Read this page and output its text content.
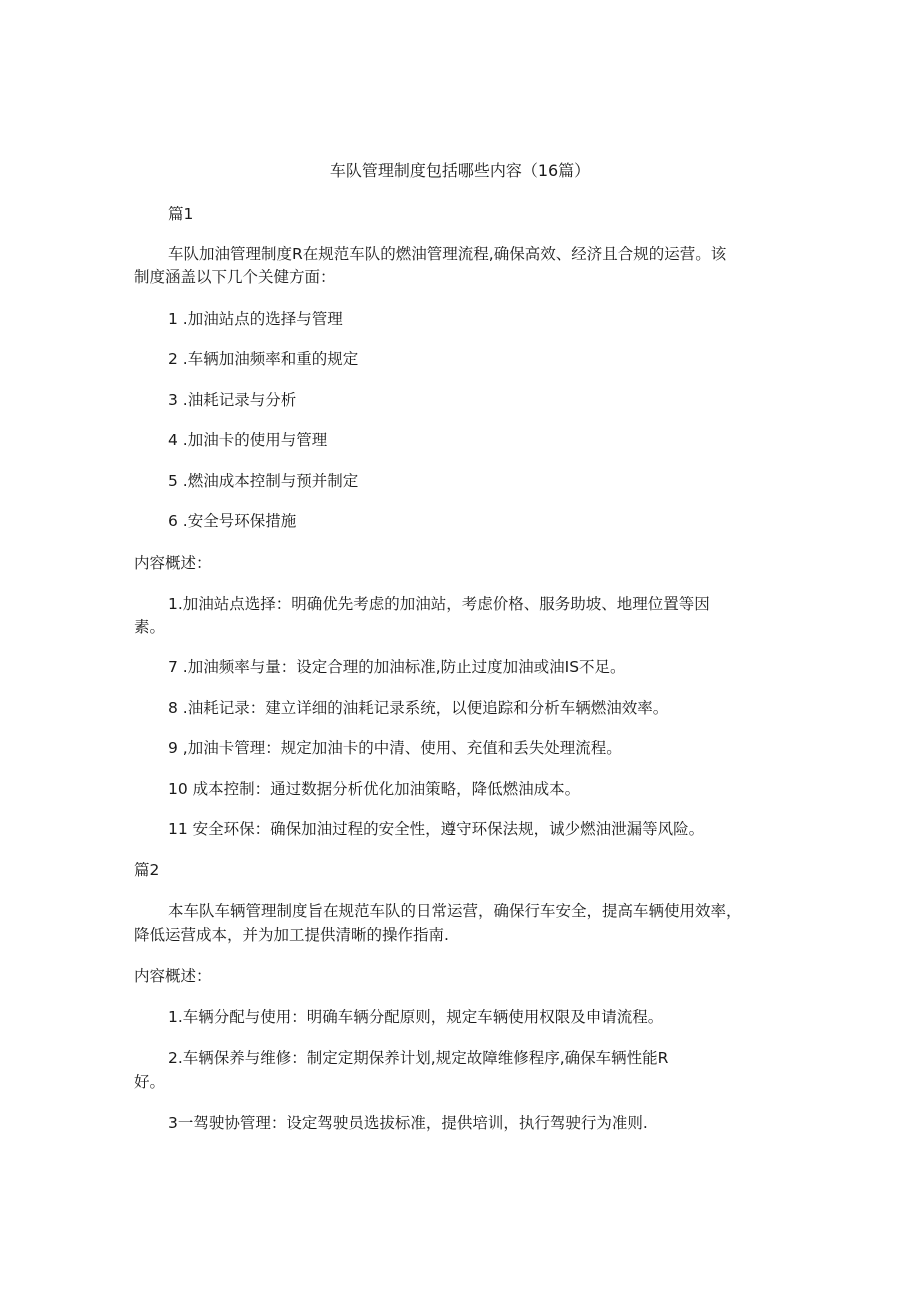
车队管理制度包括哪些内容（16篇）

篇1

车队加油管理制度R在规范车队的燃油管理流程,确保高效、经济且合规的运营。该

制度涵盖以下几个关健方面：

1 .加油站点的选择与管理

2 .车辆加油频率和重的规定

3 .油耗记录与分析

4 .加油卡的使用与管理

5 .燃油成本控制与预并制定

6 .安全号环保措施

内容概述：

1.加油站点选择：明确优先考虑的加油站，考虑价格、服务助坡、地理位置等因

素。

7 .加油频率与量：设定合理的加油标准,防止过度加油或油IS不足。

8 .油耗记录：建立详细的油耗记录系统，以便追踪和分析车辆燃油效率。

9 ,加油卡管理：规定加油卡的中清、使用、充值和丢失处理流程。

10 成本控制：通过数据分析优化加油策略，降低燃油成本。

11 安全环保：确保加油过程的安全性，遵守环保法规，诚少燃油泄漏等风险。

篇2

本车队车辆管理制度旨在规范车队的日常运营，确保行车安全，提高车辆使用效率，

降低运营成本，并为加工提供清晰的操作指南.

内容概述：

1.车辆分配与使用：明确车辆分配原则，规定车辆使用权限及申请流程。

2.车辆保养与维修：制定定期保养计划,规定故障维修程序,确保车辆性能R

好。

3一驾驶协管理：设定驾驶员选拔标准，提供培训，执行驾驶行为准则.
